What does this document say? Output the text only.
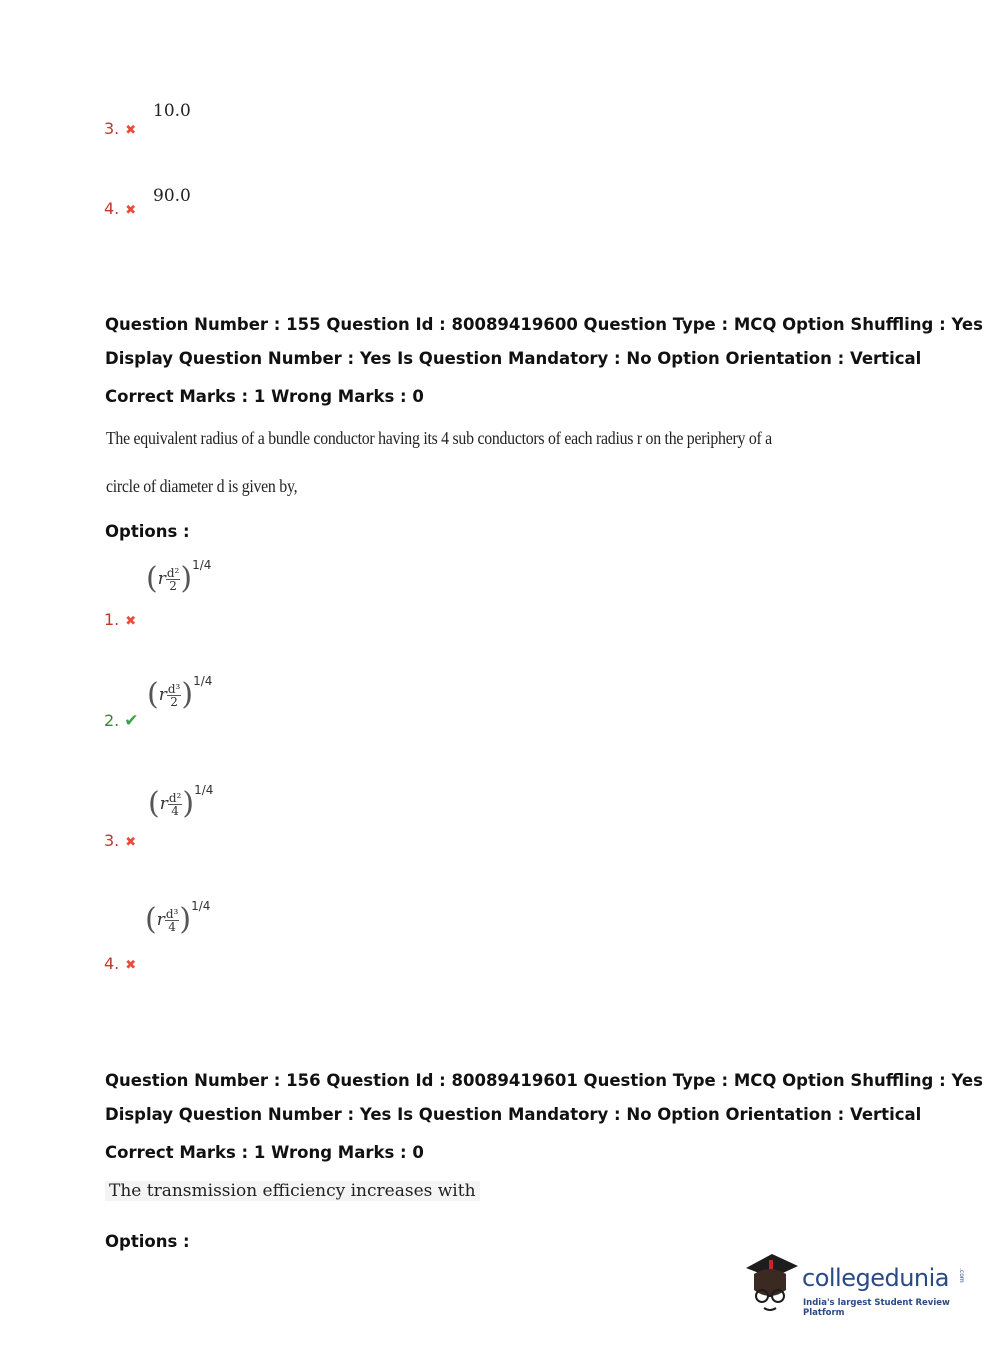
10.0
3. ✖
90.0
4. ✖
Question Number : 155 Question Id : 80089419600 Question Type : MCQ Option Shuffling : Yes
Display Question Number : Yes Is Question Mandatory : No Option Orientation : Vertical
Correct Marks : 1 Wrong Marks : 0
The equivalent radius of a bundle conductor having its 4 sub conductors of each radius r on the periphery of a
circle of diameter d is given by,
Options :
$(r \frac{\text{d²}}{2} )^{1/4}$
1. ✖
$(r \frac{\text{d³}}{2} )^{1/4}$
2. ✔
$(r \frac{\text{d²}}{4} )^{1/4}$
3. ✖
$(r \frac{\text{d³}}{4} )^{1/4}$
4. ✖
Question Number : 156 Question Id : 80089419601 Question Type : MCQ Option Shuffling : Yes
Display Question Number : Yes Is Question Mandatory : No Option Orientation : Vertical
Correct Marks : 1 Wrong Marks : 0
The transmission efficiency increases with
Options :
collegedunia .com
India's largest Student Review Platform
